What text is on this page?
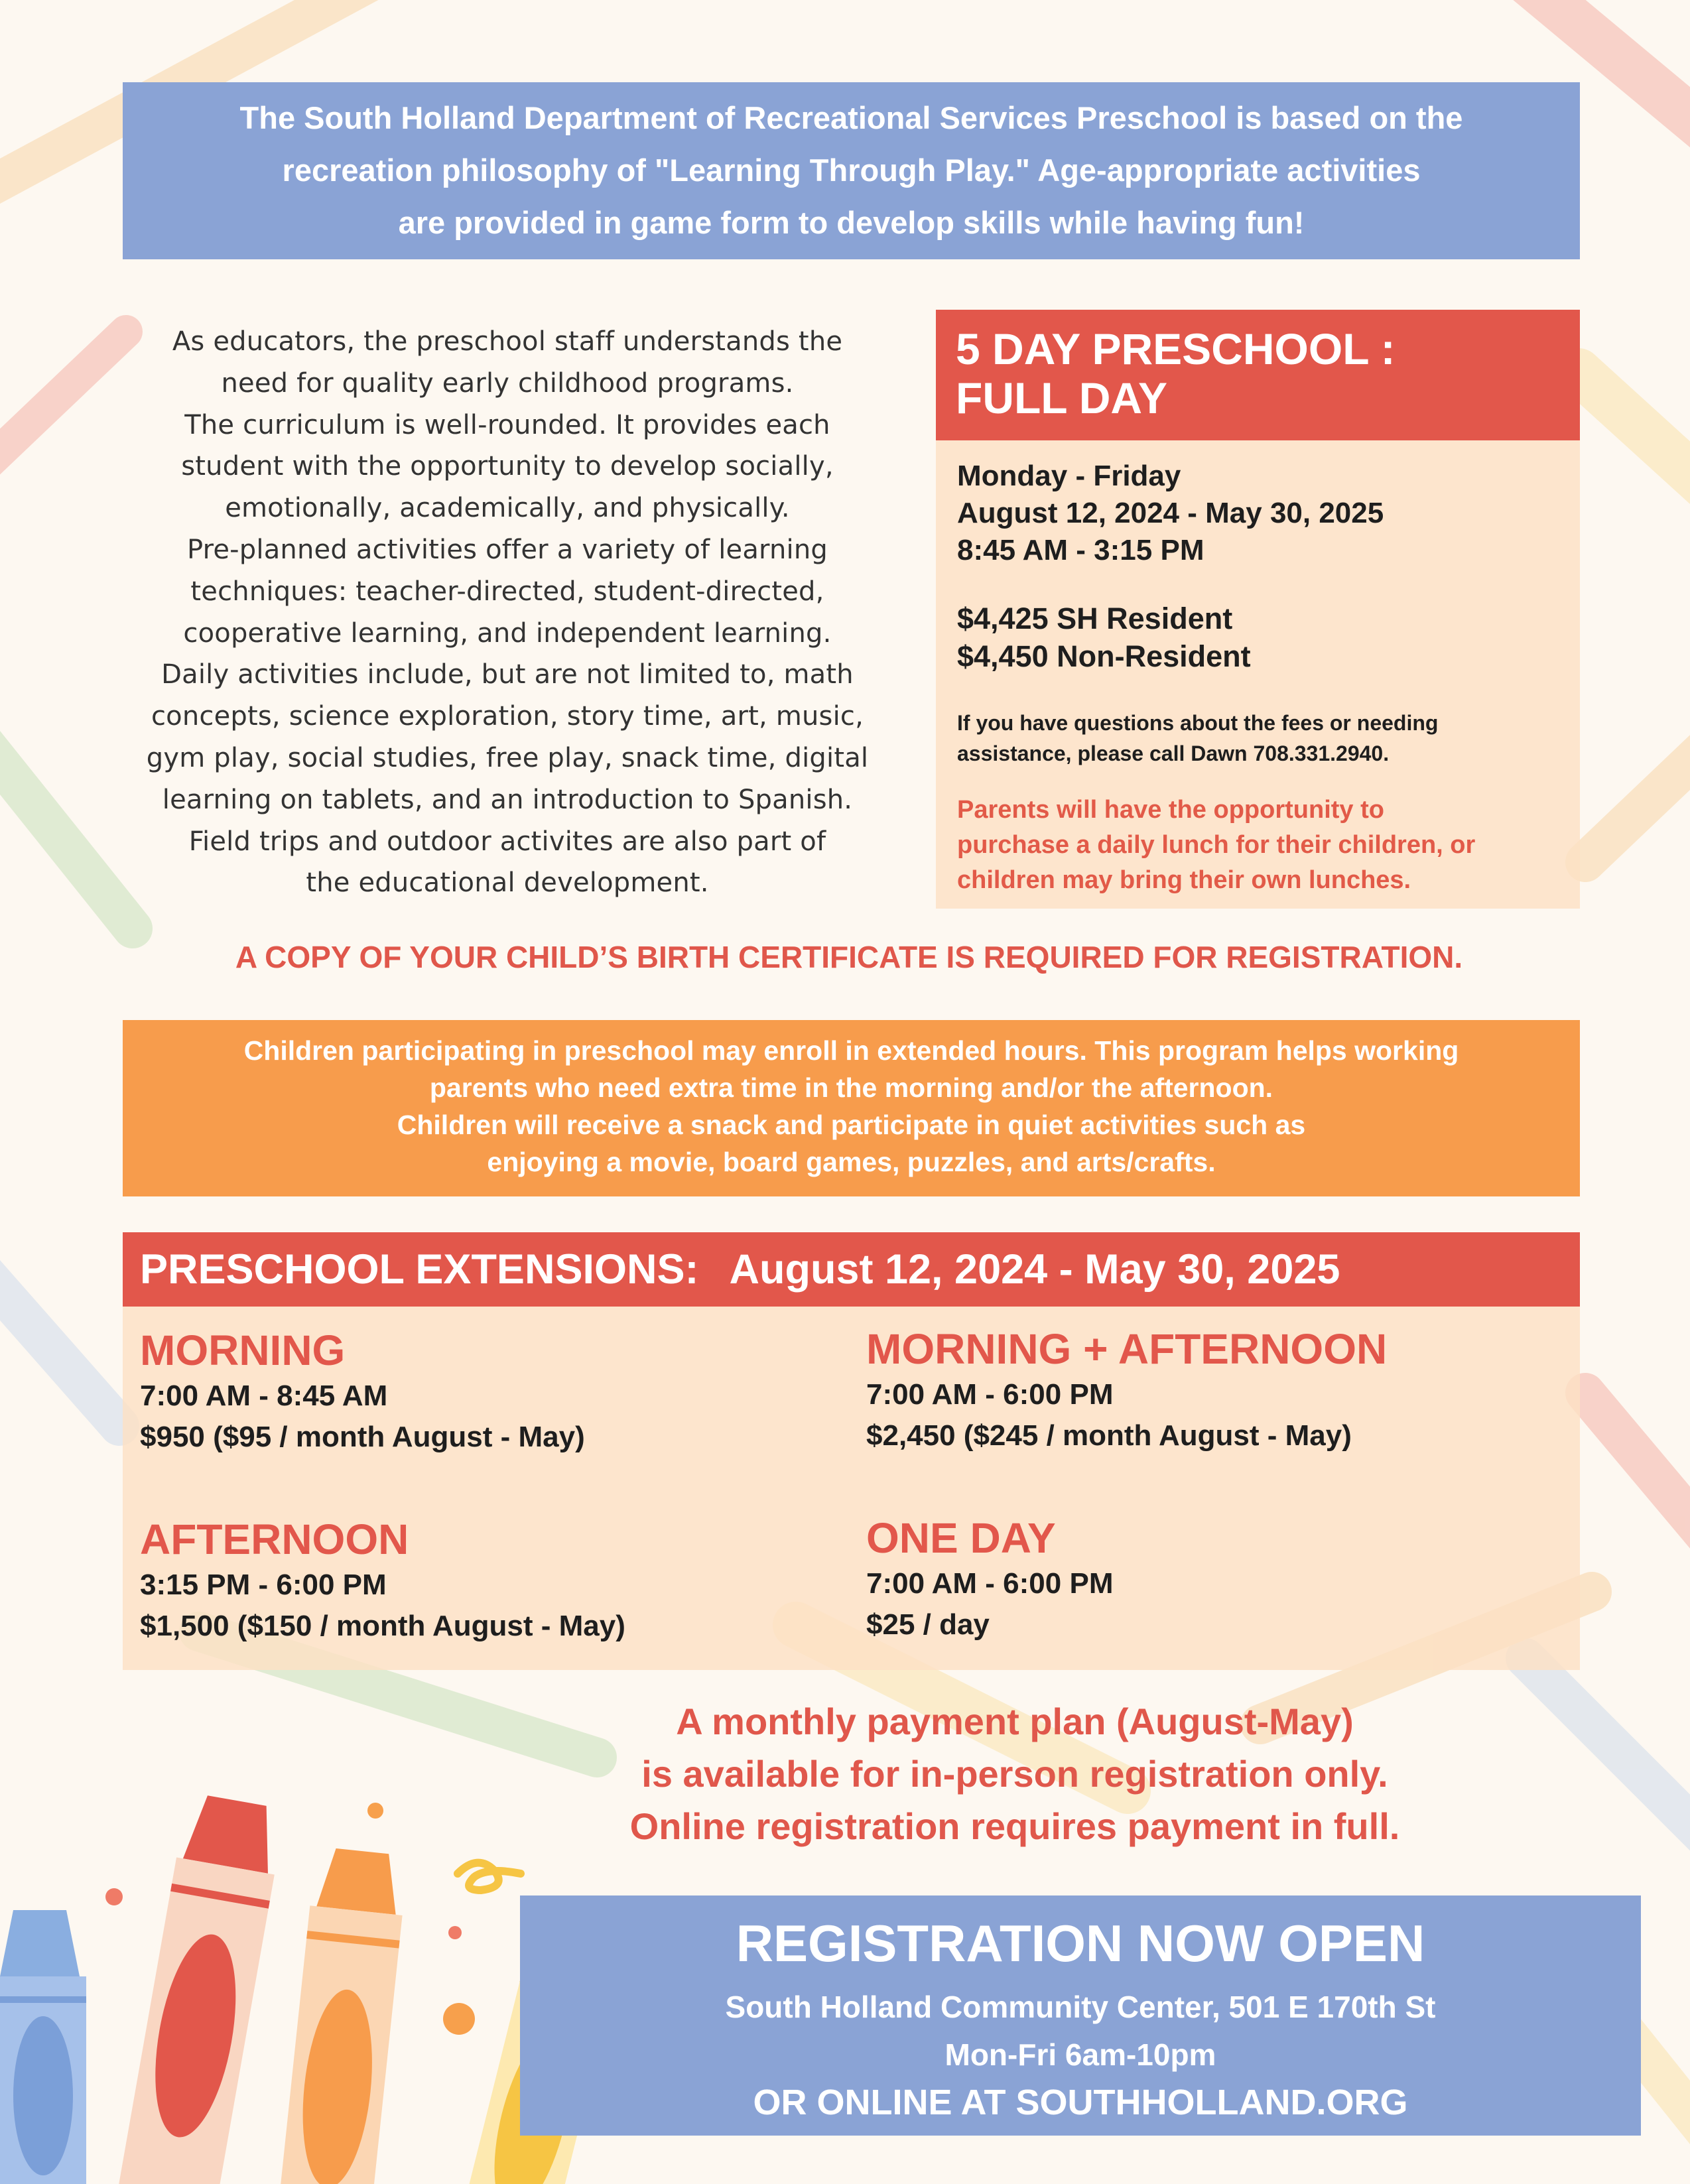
The South Holland Department of Recreational Services Preschool is based on the
recreation philosophy of "Learning Through Play." Age-appropriate activities
are provided in game form to develop skills while having fun!
As educators, the preschool staff understands the
need for quality early childhood programs.
The curriculum is well-rounded. It provides each
student with the opportunity to develop socially,
emotionally, academically, and physically.
Pre-planned activities offer a variety of learning
techniques: teacher-directed, student-directed,
cooperative learning, and independent learning.
Daily activities include, but are not limited to, math
concepts, science exploration, story time, art, music,
gym play, social studies, free play, snack time, digital
learning on tablets, and an introduction to Spanish.
Field trips and outdoor activites are also part of
the educational development.
5 DAY PRESCHOOL :
FULL DAY
Monday - Friday
August 12, 2024 - May 30, 2025
8:45 AM - 3:15 PM
$4,425 SH Resident
$4,450 Non-Resident
If you have questions about the fees or needing
assistance, please call Dawn 708.331.2940.
Parents will have the opportunity to
purchase a daily lunch for their children, or
children may bring their own lunches.
A COPY OF YOUR CHILD’S BIRTH CERTIFICATE IS REQUIRED FOR REGISTRATION.
Children participating in preschool may enroll in extended hours. This program helps working
parents who need extra time in the morning and/or the afternoon.
Children will receive a snack and participate in quiet activities such as
enjoying a movie, board games, puzzles, and arts/crafts.
PRESCHOOL EXTENSIONS: August 12, 2024 - May 30, 2025
MORNING
7:00 AM - 8:45 AM
$950 ($95 / month August - May)
MORNING + AFTERNOON
7:00 AM - 6:00 PM
$2,450 ($245 / month August - May)
AFTERNOON
3:15 PM - 6:00 PM
$1,500 ($150 / month August - May)
ONE DAY
7:00 AM - 6:00 PM
$25 / day
A monthly payment plan (August-May)
is available for in-person registration only.
Online registration requires payment in full.
REGISTRATION NOW OPEN
South Holland Community Center, 501 E 170th St
Mon-Fri 6am-10pm
OR ONLINE AT SOUTHHOLLAND.ORG
